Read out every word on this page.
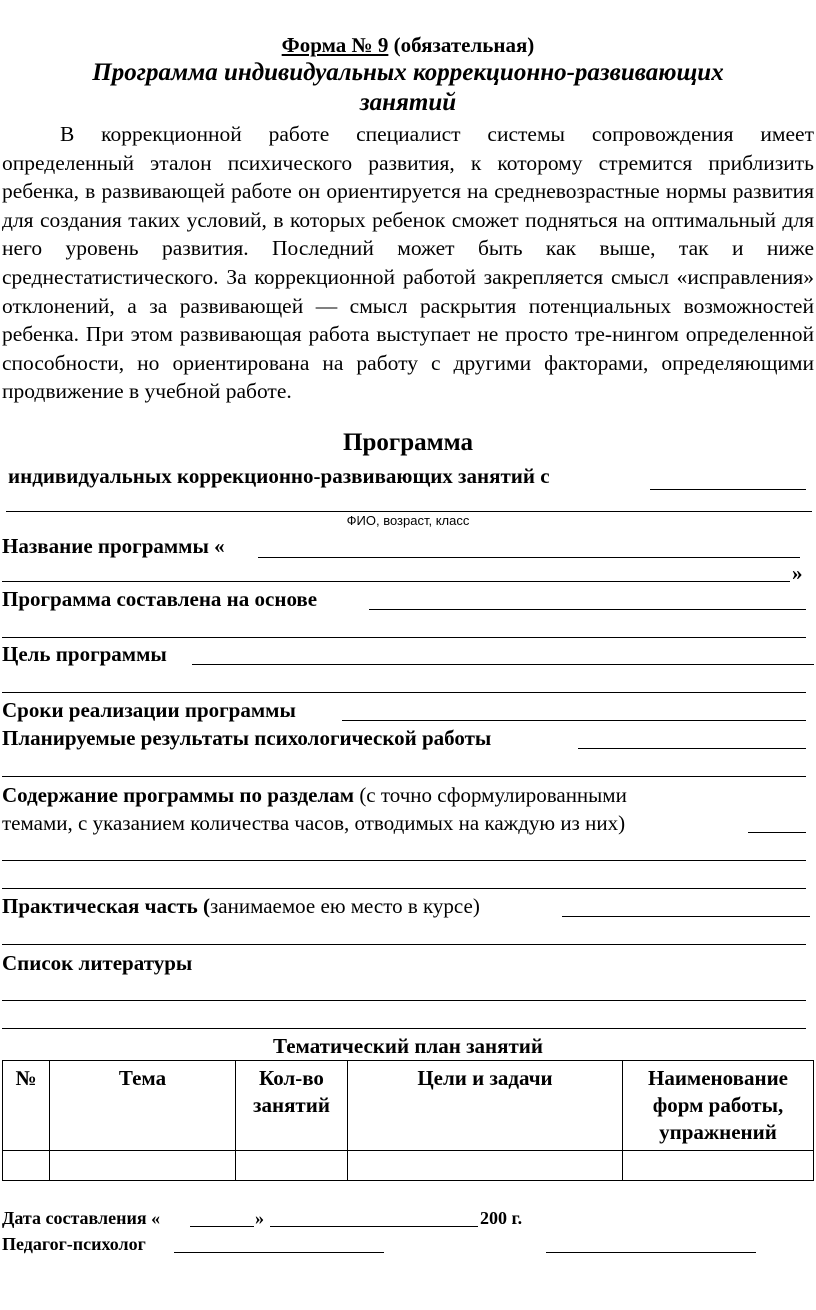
Форма № 9 (обязательная)
Программа индивидуальных коррекционно-развивающих
занятий

В коррекционной работе специалист системы сопровождения имеет определенный эталон психического развития, к которому стремится приблизить ребенка, в развивающей работе он ориентируется на средневозрастные нормы развития для создания таких условий, в которых ребенок сможет подняться на оптимальный для него уровень развития. Последний может быть как выше, так и ниже среднестатистического. За коррекционной работой закрепляется смысл «исправления» отклонений, а за развивающей — смысл раскрытия потенциальных возможностей ребенка. При этом развивающая работа выступает не просто тре-нингом определенной способности, но ориентирована на работу с другими факторами, определяющими продвижение в учебной работе.

Программа
индивидуальных коррекционно-развивающих занятий с
ФИО, возраст, класс
Название программы «
»
Программа составлена на основе
Цель программы
Сроки реализации программы
Планируемые результаты психологической работы
Содержание программы по разделам (с точно сформулированными
темами, с указанием количества часов, отводимых на каждую из них)
Практическая часть (занимаемое ею место в курсе)
Список литературы
Тематический план занятий
№	Тема	Кол-во занятий	Цели и задачи	Наименование форм работы, упражнений

Дата составления «	»	200 г.
Педагог-психолог
